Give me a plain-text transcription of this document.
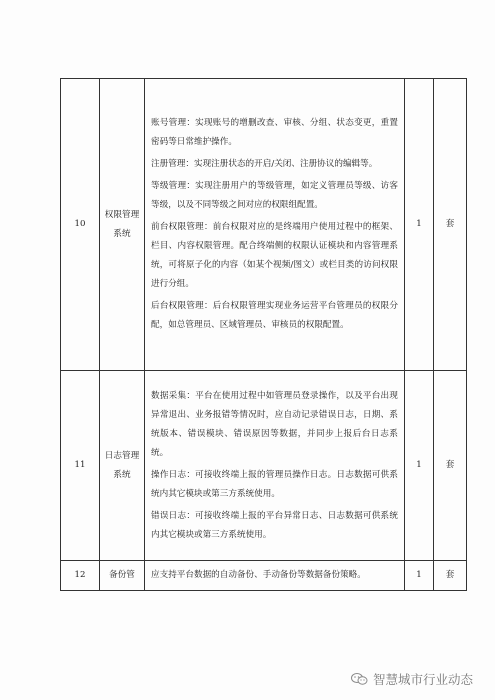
10	权限管理系统	账号管理：实现账号的增删改查、审核、分组、状态变更，重置密码等日常维护操作。

注册管理：实现注册状态的开启/关闭、注册协议的编辑等。

等级管理：实现注册用户的等级管理，如定义管理员等级、访客等级，以及不同等级之间对应的权限组配置。

前台权限管理：前台权限对应的是终端用户使用过程中的框架、栏目、内容权限管理。配合终端侧的权限认证模块和内容管理系统，可将原子化的内容（如某个视频/图文）或栏目类的访问权限进行分组。

后台权限管理：后台权限管理实现业务运营平台管理员的权限分配，如总管理员、区域管理员、审核员的权限配置。	1	套
11	日志管理系统	数据采集：平台在使用过程中如管理员登录操作，以及平台出现异常退出、业务报错等情况时，应自动记录错误日志，日期、系统版本、错误模块、错误原因等数据，并同步上报后台日志系统。

操作日志：可接收终端上报的管理员操作日志。日志数据可供系统内其它模块或第三方系统使用。

错误日志：可接收终端上报的平台异常日志、日志数据可供系统内其它模块或第三方系统使用。	1	套
12	备份管	应支持平台数据的自动备份、手动备份等数据备份策略。	1	套
智慧城市行业动态
